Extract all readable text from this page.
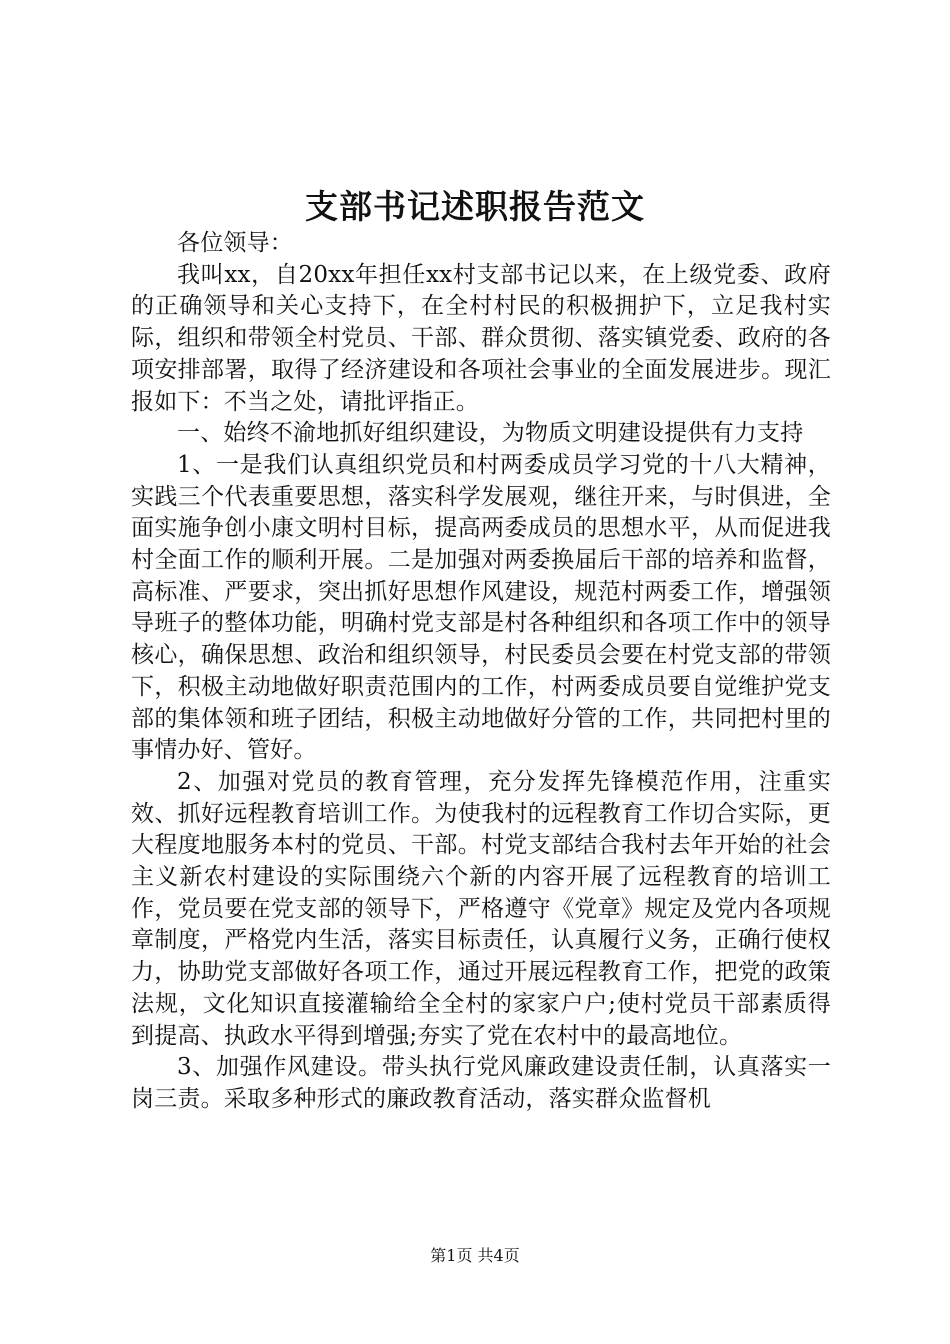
支部书记述职报告范文

各位领导：

我叫xx，自20xx年担任xx村支部书记以来，在上级党委、政府的正确领导和关心支持下，在全村村民的积极拥护下，立足我村实际，组织和带领全村党员、干部、群众贯彻、落实镇党委、政府的各项安排部署，取得了经济建设和各项社会事业的全面发展进步。现汇报如下：不当之处，请批评指正。

一、始终不渝地抓好组织建设，为物质文明建设提供有力支持

1、一是我们认真组织党员和村两委成员学习党的十八大精神，实践三个代表重要思想，落实科学发展观，继往开来，与时俱进，全面实施争创小康文明村目标，提高两委成员的思想水平，从而促进我村全面工作的顺利开展。二是加强对两委换届后干部的培养和监督，高标准、严要求，突出抓好思想作风建设，规范村两委工作，增强领导班子的整体功能，明确村党支部是村各种组织和各项工作中的领导核心，确保思想、政治和组织领导，村民委员会要在村党支部的带领下，积极主动地做好职责范围内的工作，村两委成员要自觉维护党支部的集体领和班子团结，积极主动地做好分管的工作，共同把村里的事情办好、管好。

2、加强对党员的教育管理，充分发挥先锋模范作用，注重实效、抓好远程教育培训工作。为使我村的远程教育工作切合实际，更大程度地服务本村的党员、干部。村党支部结合我村去年开始的社会主义新农村建设的实际围绕六个新的内容开展了远程教育的培训工作，党员要在党支部的领导下，严格遵守《党章》规定及党内各项规章制度，严格党内生活，落实目标责任，认真履行义务，正确行使权力，协助党支部做好各项工作，通过开展远程教育工作，把党的政策法规，文化知识直接灌输给全全村的家家户户;使村党员干部素质得到提高、执政水平得到增强;夯实了党在农村中的最高地位。

3、加强作风建设。带头执行党风廉政建设责任制，认真落实一岗三责。采取多种形式的廉政教育活动，落实群众监督机

第1页 共4页
